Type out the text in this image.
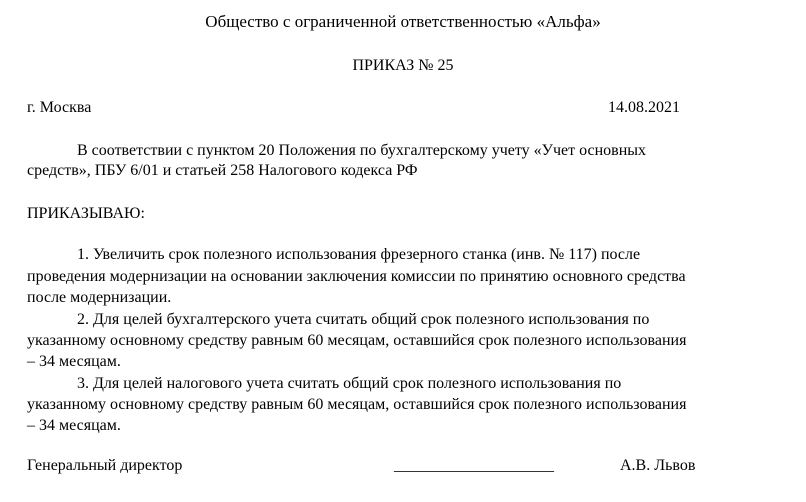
Общество с ограниченной ответственностью «Альфа»
ПРИКАЗ № 25
г. Москва	14.08.2021
В соответствии с пунктом 20 Положения по бухгалтерскому учету «Учет основных
средств», ПБУ 6/01 и статьей 258 Налогового кодекса РФ
ПРИКАЗЫВАЮ:
1. Увеличить срок полезного использования фрезерного станка (инв. № 117) после
проведения модернизации на основании заключения комиссии по принятию основного средства
после модернизации.
2. Для целей бухгалтерского учета считать общий срок полезного использования по
указанному основному средству равным 60 месяцам, оставшийся срок полезного использования
– 34 месяцам.
3. Для целей налогового учета считать общий срок полезного использования по
указанному основному средству равным 60 месяцам, оставшийся срок полезного использования
– 34 месяцам.
Генеральный директор	____________________	А.В. Львов
